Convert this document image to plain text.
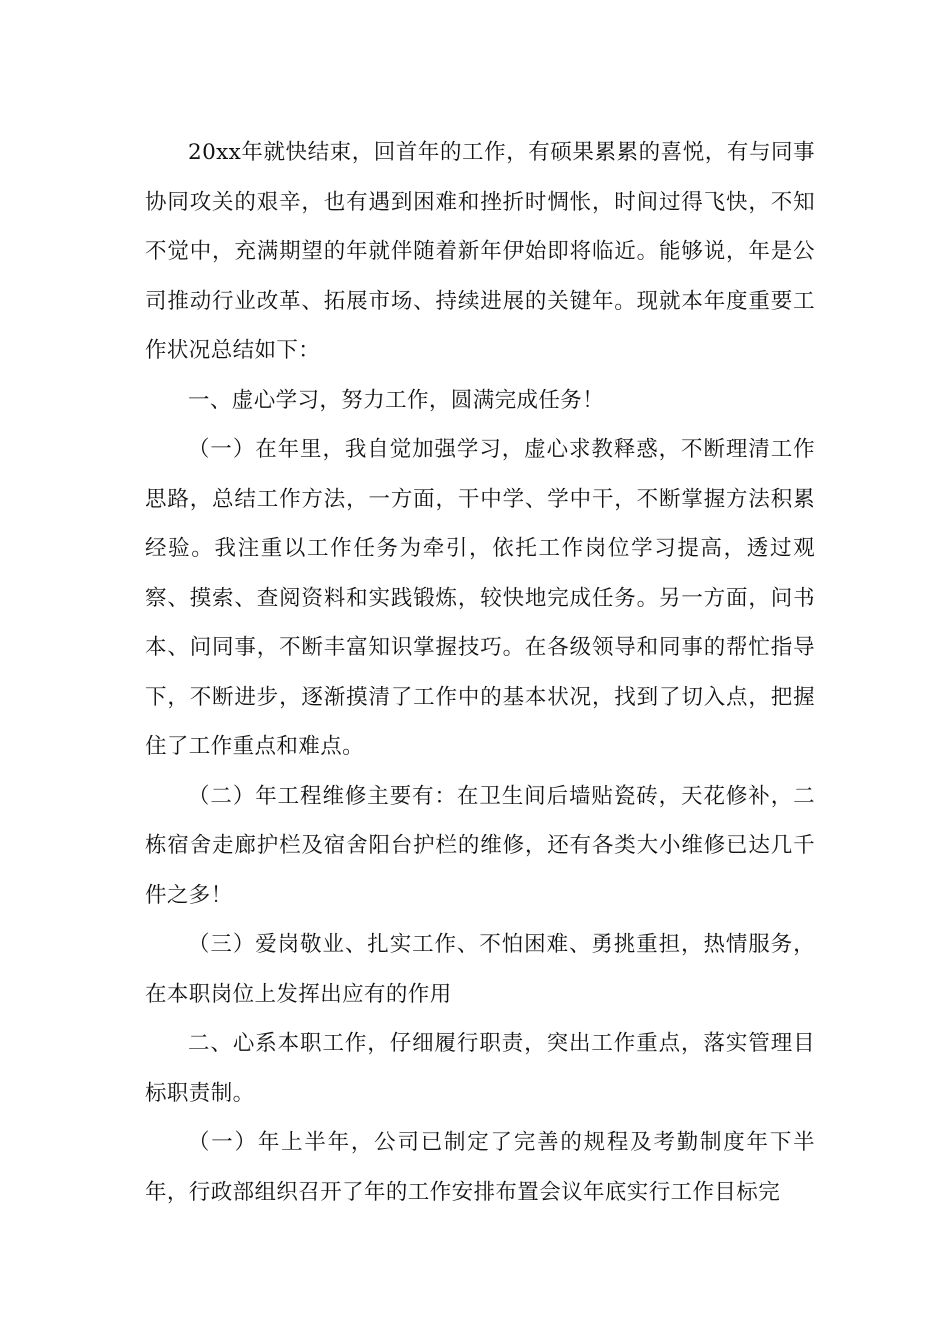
20xx年就快结束，回首年的工作，有硕果累累的喜悦，有与同事协同攻关的艰辛，也有遇到困难和挫折时惆怅，时间过得飞快，不知不觉中，充满期望的年就伴随着新年伊始即将临近。能够说，年是公司推动行业改革、拓展市场、持续进展的关键年。现就本年度重要工作状况总结如下：

一、虚心学习，努力工作，圆满完成任务！

（一）在年里，我自觉加强学习，虚心求教释惑，不断理清工作思路，总结工作方法，一方面，干中学、学中干，不断掌握方法积累经验。我注重以工作任务为牵引，依托工作岗位学习提高，透过观察、摸索、查阅资料和实践锻炼，较快地完成任务。另一方面，问书本、问同事，不断丰富知识掌握技巧。在各级领导和同事的帮忙指导下，不断进步，逐渐摸清了工作中的基本状况，找到了切入点，把握住了工作重点和难点。

（二）年工程维修主要有：在卫生间后墙贴瓷砖，天花修补，二栋宿舍走廊护栏及宿舍阳台护栏的维修，还有各类大小维修已达几千件之多！

（三）爱岗敬业、扎实工作、不怕困难、勇挑重担，热情服务，在本职岗位上发挥出应有的作用

二、心系本职工作，仔细履行职责，突出工作重点，落实管理目标职责制。

（一）年上半年，公司已制定了完善的规程及考勤制度年下半年，行政部组织召开了年的工作安排布置会议年底实行工作目标完
